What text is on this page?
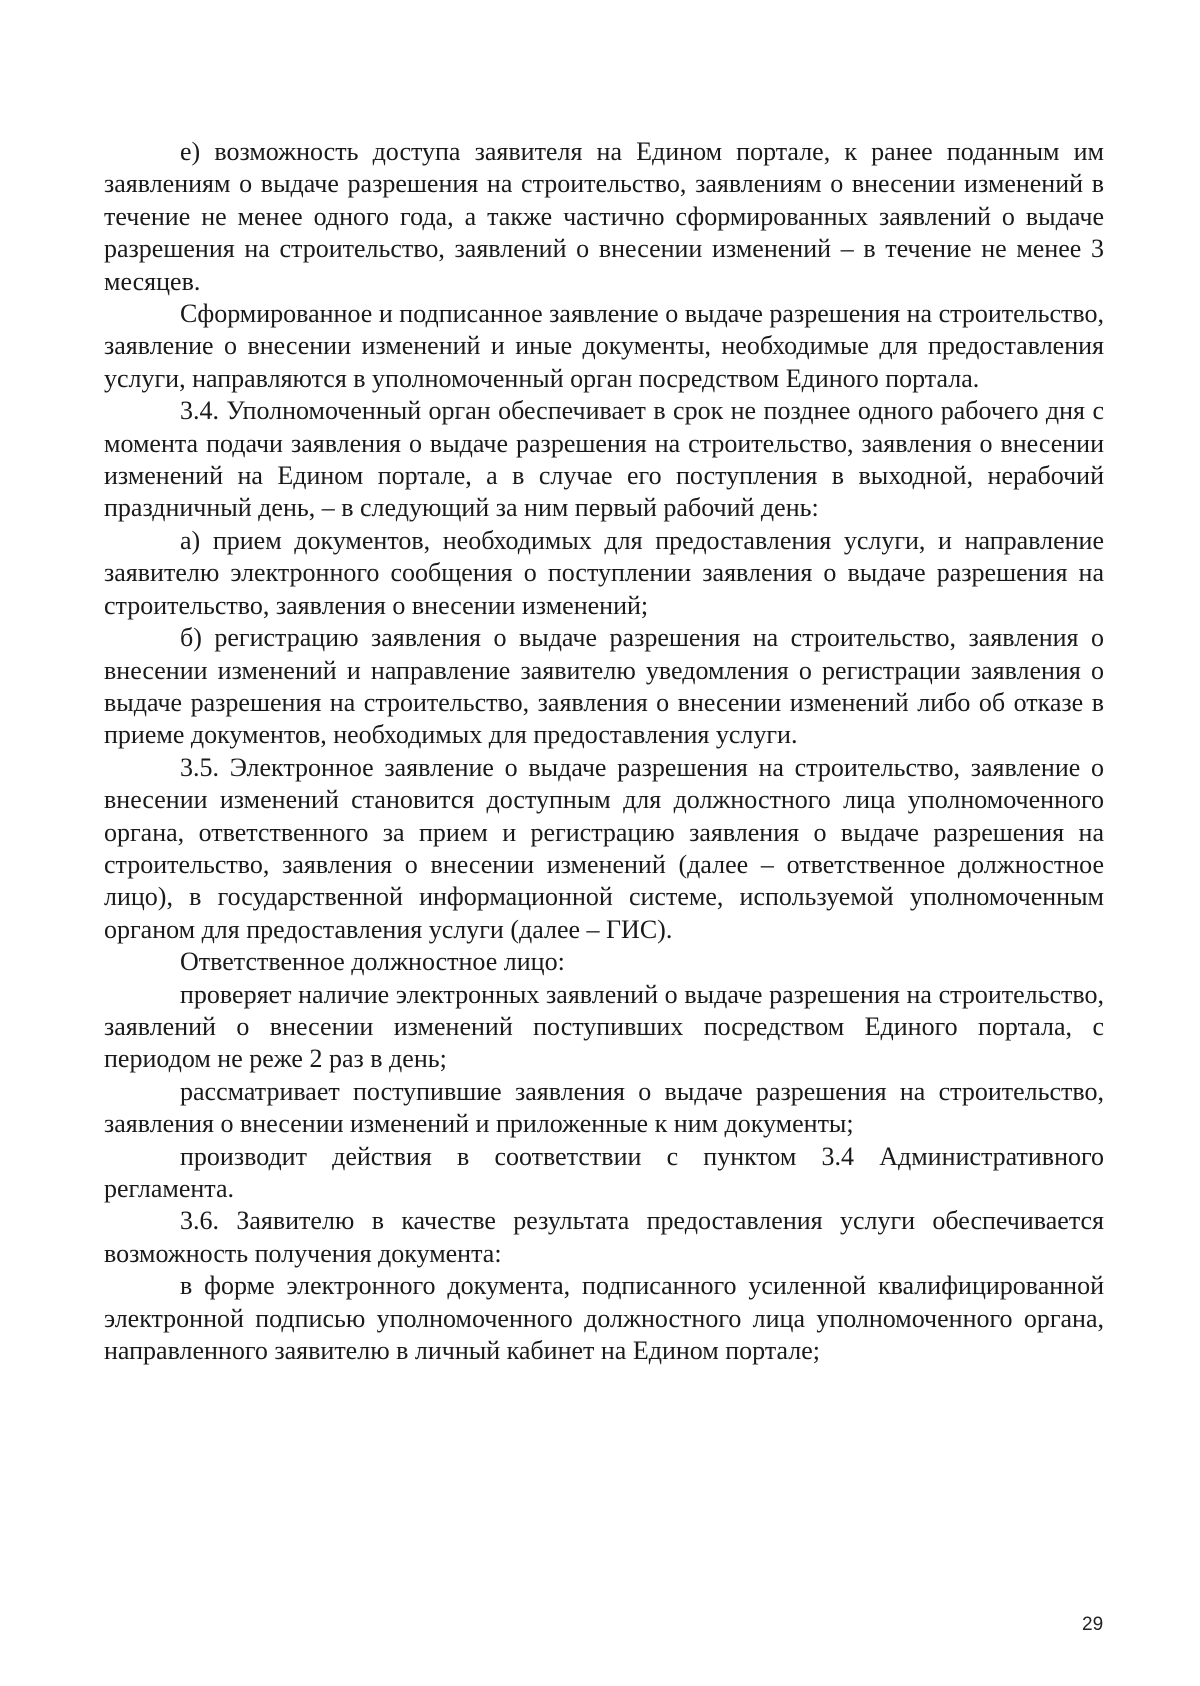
е) возможность доступа заявителя на Едином портале, к ранее поданным им заявлениям о выдаче разрешения на строительство, заявлениям о внесении изменений в течение не менее одного года, а также частично сформированных заявлений о выдаче разрешения на строительство, заявлений о внесении изменений – в течение не менее 3 месяцев.

Сформированное и подписанное заявление о выдаче разрешения на строительство, заявление о внесении изменений и иные документы, необходимые для предоставления услуги, направляются в уполномоченный орган посредством Единого портала.

3.4. Уполномоченный орган обеспечивает в срок не позднее одного рабочего дня с момента подачи заявления о выдаче разрешения на строительство, заявления о внесении изменений на Едином портале, а в случае его поступления в выходной, нерабочий праздничный день, – в следующий за ним первый рабочий день:

а) прием документов, необходимых для предоставления услуги, и направление заявителю электронного сообщения о поступлении заявления о выдаче разрешения на строительство, заявления о внесении изменений;

б) регистрацию заявления о выдаче разрешения на строительство, заявления о внесении изменений и направление заявителю уведомления о регистрации заявления о выдаче разрешения на строительство, заявления о внесении изменений либо об отказе в приеме документов, необходимых для предоставления услуги.

3.5. Электронное заявление о выдаче разрешения на строительство, заявление о внесении изменений становится доступным для должностного лица уполномоченного органа, ответственного за прием и регистрацию заявления о выдаче разрешения на строительство, заявления о внесении изменений (далее – ответственное должностное лицо), в государственной информационной системе, используемой уполномоченным органом для предоставления услуги (далее – ГИС).

Ответственное должностное лицо:

проверяет наличие электронных заявлений о выдаче разрешения на строительство, заявлений о внесении изменений поступивших посредством Единого портала, с периодом не реже 2 раз в день;

рассматривает поступившие заявления о выдаче разрешения на строительство, заявления о внесении изменений и приложенные к ним документы;

производит действия в соответствии с пунктом 3.4 Административного регламента.

3.6. Заявителю в качестве результата предоставления услуги обеспечивается возможность получения документа:

в форме электронного документа, подписанного усиленной квалифицированной электронной подписью уполномоченного должностного лица уполномоченного органа, направленного заявителю в личный кабинет на Едином портале;

29
